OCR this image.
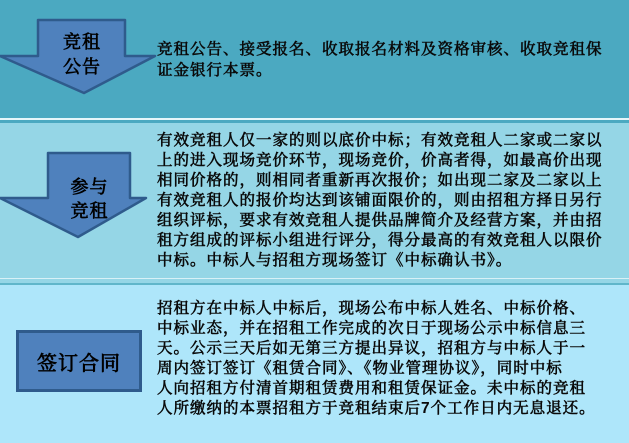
竞租
公告
竞租公告、接受报名、收取报名材料及资格审核、收取竞租保
证金银行本票。
参与
竞租
有效竞租人仅一家的则以底价中标；有效竞租人二家或二家以
上的进入现场竞价环节，现场竞价，价高者得，如最高价出现
相同价格的，则相同者重新再次报价；如出现二家及二家以上
有效竞租人的报价均达到该铺面限价的，则由招租方择日另行
组织评标，要求有效竞租人提供品牌简介及经营方案，并由招
租方组成的评标小组进行评分，得分最高的有效竞租人以限价
中标。中标人与招租方现场签订《中标确认书》。
签订合同
招租方在中标人中标后，现场公布中标人姓名、中标价格、
中标业态，并在招租工作完成的次日于现场公示中标信息三
天。公示三天后如无第三方提出异议，招租方与中标人于一
周内签订签订《租赁合同》、《物业管理协议》，同时中标
人向招租方付清首期租赁费用和租赁保证金。未中标的竞租
人所缴纳的本票招租方于竞租结束后7个工作日内无息退还。
